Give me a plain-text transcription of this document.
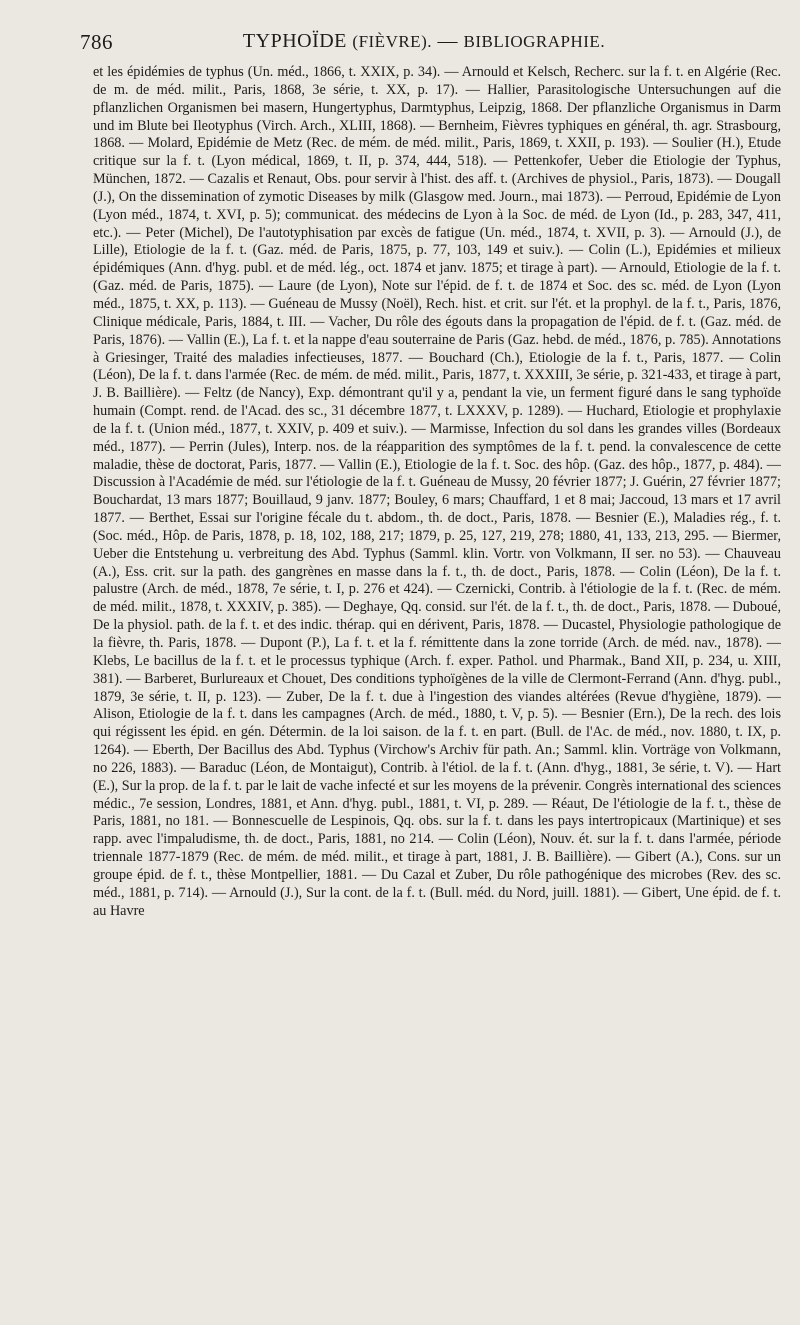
786	TYPHOÏDE (FIÈVRE). — BIBLIOGRAPHIE.

et les épidémies de typhus (Un. méd., 1866, t. XXIX, p. 34). — Arnould et Kelsch, Recherc. sur la f. t. en Algérie (Rec. de m. de méd. milit., Paris, 1868, 3e série, t. XX, p. 17). — Hallier, Parasitologische Untersuchungen auf die pflanzlichen Organismen bei masern, Hungertyphus, Darmtyphus, Leipzig, 1868. Der pflanzliche Organismus in Darm und im Blute bei Ileotyphus (Virch. Arch., XLIII, 1868). — Bernheim, Fièvres typhiques en général, th. agr. Strasbourg, 1868. — Molard, Epidémie de Metz (Rec. de mém. de méd. milit., Paris, 1869, t. XXII, p. 193). — Soulier (H.), Etude critique sur la f. t. (Lyon médical, 1869, t. II, p. 374, 444, 518). — Pettenkofer, Ueber die Etiologie der Typhus, München, 1872. — Cazalis et Renaut, Obs. pour servir à l'hist. des aff. t. (Archives de physiol., Paris, 1873). — Dougall (J.), On the dissemination of zymotic Diseases by milk (Glasgow med. Journ., mai 1873). — Perroud, Epidémie de Lyon (Lyon méd., 1874, t. XVI, p. 5); communicat. des médecins de Lyon à la Soc. de méd. de Lyon (Id., p. 283, 347, 411, etc.). — Peter (Michel), De l'autotyphisation par excès de fatigue (Un. méd., 1874, t. XVII, p. 3). — Arnould (J.), de Lille), Etiologie de la f. t. (Gaz. méd. de Paris, 1875, p. 77, 103, 149 et suiv.). — Colin (L.), Epidémies et milieux épidémiques (Ann. d'hyg. publ. et de méd. lég., oct. 1874 et janv. 1875; et tirage à part). — Arnould, Etiologie de la f. t. (Gaz. méd. de Paris, 1875). — Laure (de Lyon), Note sur l'épid. de f. t. de 1874 et Soc. des sc. méd. de Lyon (Lyon méd., 1875, t. XX, p. 113). — Guéneau de Mussy (Noël), Rech. hist. et crit. sur l'ét. et la prophyl. de la f. t., Paris, 1876, Clinique médicale, Paris, 1884, t. III. — Vacher, Du rôle des égouts dans la propagation de l'épid. de f. t. (Gaz. méd. de Paris, 1876). — Vallin (E.), La f. t. et la nappe d'eau souterraine de Paris (Gaz. hebd. de méd., 1876, p. 785). Annotations à Griesinger, Traité des maladies infectieuses, 1877. — Bouchard (Ch.), Etiologie de la f. t., Paris, 1877. — Colin (Léon), De la f. t. dans l'armée (Rec. de mém. de méd. milit., Paris, 1877, t. XXXIII, 3e série, p. 321-433, et tirage à part, J. B. Baillière). — Feltz (de Nancy), Exp. démontrant qu'il y a, pendant la vie, un ferment figuré dans le sang typhoïde humain (Compt. rend. de l'Acad. des sc., 31 décembre 1877, t. LXXXV, p. 1289). — Huchard, Etiologie et prophylaxie de la f. t. (Union méd., 1877, t. XXIV, p. 409 et suiv.). — Marmisse, Infection du sol dans les grandes villes (Bordeaux méd., 1877). — Perrin (Jules), Interp. nos. de la réapparition des symptômes de la f. t. pend. la convalescence de cette maladie, thèse de doctorat, Paris, 1877. — Vallin (E.), Etiologie de la f. t. Soc. des hôp. (Gaz. des hôp., 1877, p. 484). — Discussion à l'Académie de méd. sur l'étiologie de la f. t. Guéneau de Mussy, 20 février 1877; J. Guérin, 27 février 1877; Bouchardat, 13 mars 1877; Bouillaud, 9 janv. 1877; Bouley, 6 mars; Chauffard, 1 et 8 mai; Jaccoud, 13 mars et 17 avril 1877. — Berthet, Essai sur l'origine fécale du t. abdom., th. de doct., Paris, 1878. — Besnier (E.), Maladies rég., f. t. (Soc. méd., Hôp. de Paris, 1878, p. 18, 102, 188, 217; 1879, p. 25, 127, 219, 278; 1880, 41, 133, 213, 295. — Biermer, Ueber die Entstehung u. verbreitung des Abd. Typhus (Samml. klin. Vortr. von Volkmann, II ser. no 53). — Chauveau (A.), Ess. crit. sur la path. des gangrènes en masse dans la f. t., th. de doct., Paris, 1878. — Colin (Léon), De la f. t. palustre (Arch. de méd., 1878, 7e série, t. I, p. 276 et 424). — Czernicki, Contrib. à l'étiologie de la f. t. (Rec. de mém. de méd. milit., 1878, t. XXXIV, p. 385). — Deghaye, Qq. consid. sur l'ét. de la f. t., th. de doct., Paris, 1878. — Duboué, De la physiol. path. de la f. t. et des indic. thérap. qui en dérivent, Paris, 1878. — Ducastel, Physiologie pathologique de la fièvre, th. Paris, 1878. — Dupont (P.), La f. t. et la f. rémittente dans la zone torride (Arch. de méd. nav., 1878). — Klebs, Le bacillus de la f. t. et le processus typhique (Arch. f. exper. Pathol. und Pharmak., Band XII, p. 234, u. XIII, 381). — Barberet, Burlureaux et Chouet, Des conditions typhoïgènes de la ville de Clermont-Ferrand (Ann. d'hyg. publ., 1879, 3e série, t. II, p. 123). — Zuber, De la f. t. due à l'ingestion des viandes altérées (Revue d'hygiène, 1879). — Alison, Etiologie de la f. t. dans les campagnes (Arch. de méd., 1880, t. V, p. 5). — Besnier (Ern.), De la rech. des lois qui régissent les épid. en gén. Détermin. de la loi saison. de la f. t. en part. (Bull. de l'Ac. de méd., nov. 1880, t. IX, p. 1264). — Eberth, Der Bacillus des Abd. Typhus (Virchow's Archiv für path. An.; Samml. klin. Vorträge von Volkmann, no 226, 1883). — Baraduc (Léon, de Montaigut), Contrib. à l'étiol. de la f. t. (Ann. d'hyg., 1881, 3e série, t. V). — Hart (E.), Sur la prop. de la f. t. par le lait de vache infecté et sur les moyens de la prévenir. Congrès international des sciences médic., 7e session, Londres, 1881, et Ann. d'hyg. publ., 1881, t. VI, p. 289. — Réaut, De l'étiologie de la f. t., thèse de Paris, 1881, no 181. — Bonnescuelle de Lespinois, Qq. obs. sur la f. t. dans les pays intertropicaux (Martinique) et ses rapp. avec l'impaludisme, th. de doct., Paris, 1881, no 214. — Colin (Léon), Nouv. ét. sur la f. t. dans l'armée, période triennale 1877-1879 (Rec. de mém. de méd. milit., et tirage à part, 1881, J. B. Baillière). — Gibert (A.), Cons. sur un groupe épid. de f. t., thèse Montpellier, 1881. — Du Cazal et Zuber, Du rôle pathogénique des microbes (Rev. des sc. méd., 1881, p. 714). — Arnould (J.), Sur la cont. de la f. t. (Bull. méd. du Nord, juill. 1881). — Gibert, Une épid. de f. t. au Havre
